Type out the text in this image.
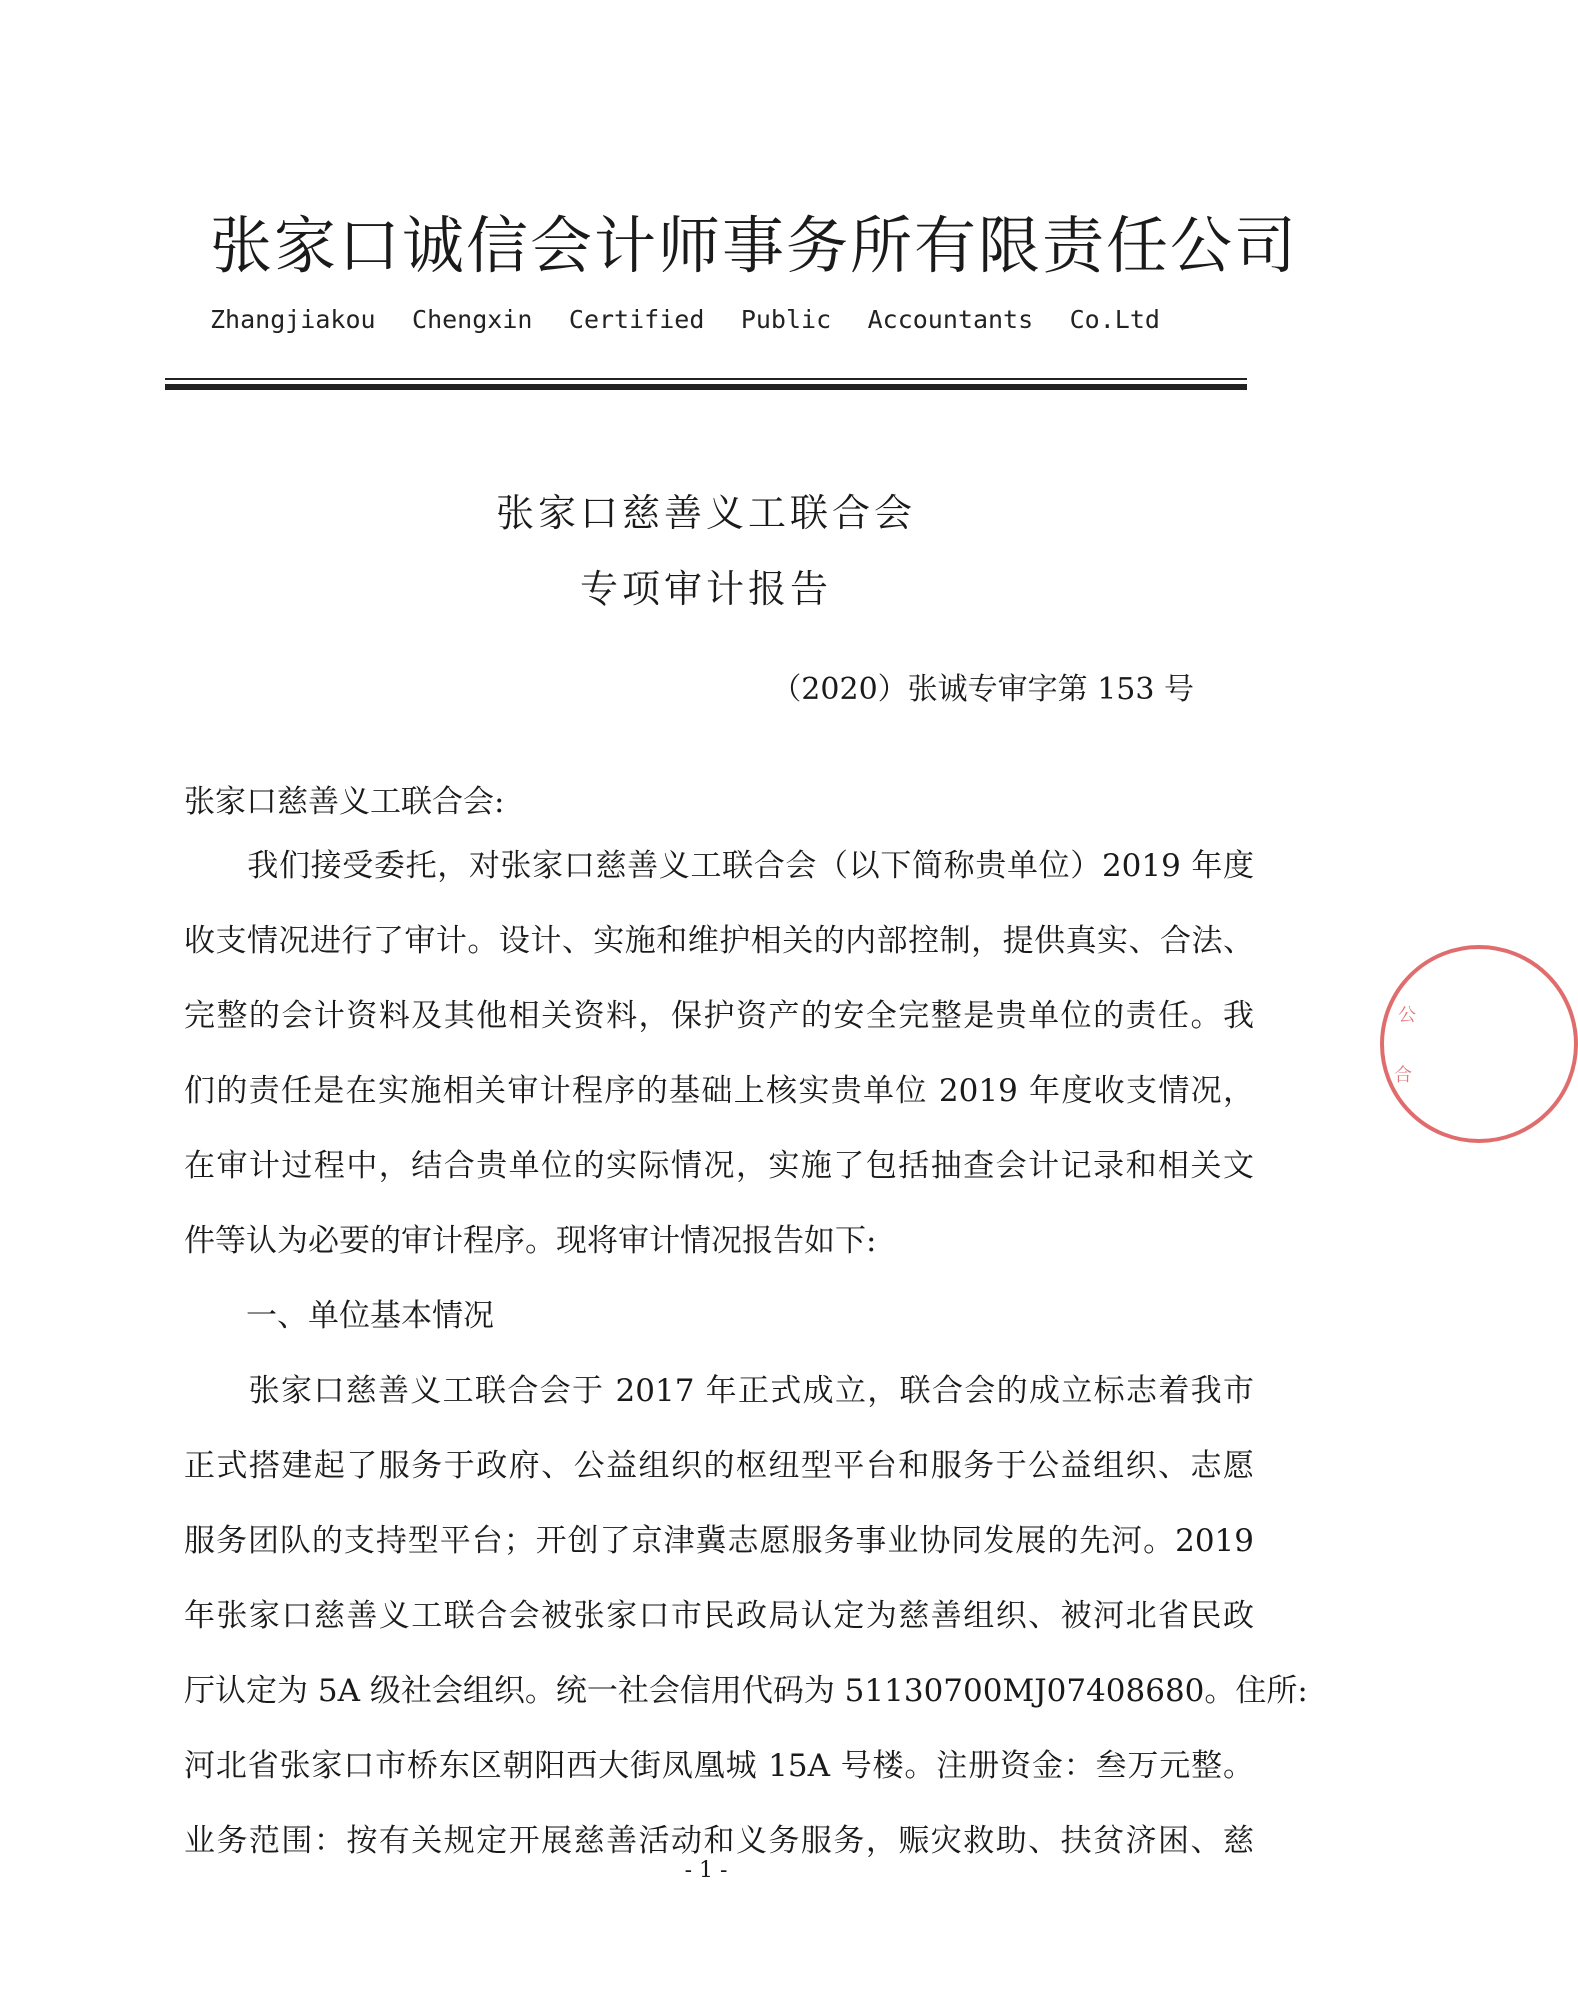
张家口诚信会计师事务所有限责任公司
Zhangjiakou Chengxin Certified Public Accountants Co.Ltd
张家口慈善义工联合会
专项审计报告
（2020）张诚专审字第 153 号
张家口慈善义工联合会:
　　我们接受委托，对张家口慈善义工联合会（以下简称贵单位）2019 年度
收支情况进行了审计。设计、实施和维护相关的内部控制，提供真实、合法、
完整的会计资料及其他相关资料，保护资产的安全完整是贵单位的责任。我
们的责任是在实施相关审计程序的基础上核实贵单位 2019 年度收支情况，
在审计过程中，结合贵单位的实际情况，实施了包括抽查会计记录和相关文
件等认为必要的审计程序。现将审计情况报告如下:
　　一、单位基本情况
　　张家口慈善义工联合会于 2017 年正式成立，联合会的成立标志着我市
正式搭建起了服务于政府、公益组织的枢纽型平台和服务于公益组织、志愿
服务团队的支持型平台；开创了京津冀志愿服务事业协同发展的先河。2019
年张家口慈善义工联合会被张家口市民政局认定为慈善组织、被河北省民政
厅认定为 5A 级社会组织。统一社会信用代码为 51130700MJ07408680。住所:
河北省张家口市桥东区朝阳西大街凤凰城 15A 号楼。注册资金：叁万元整。
业务范围：按有关规定开展慈善活动和义务服务，赈灾救助、扶贫济困、慈
- 1 -
公
合
